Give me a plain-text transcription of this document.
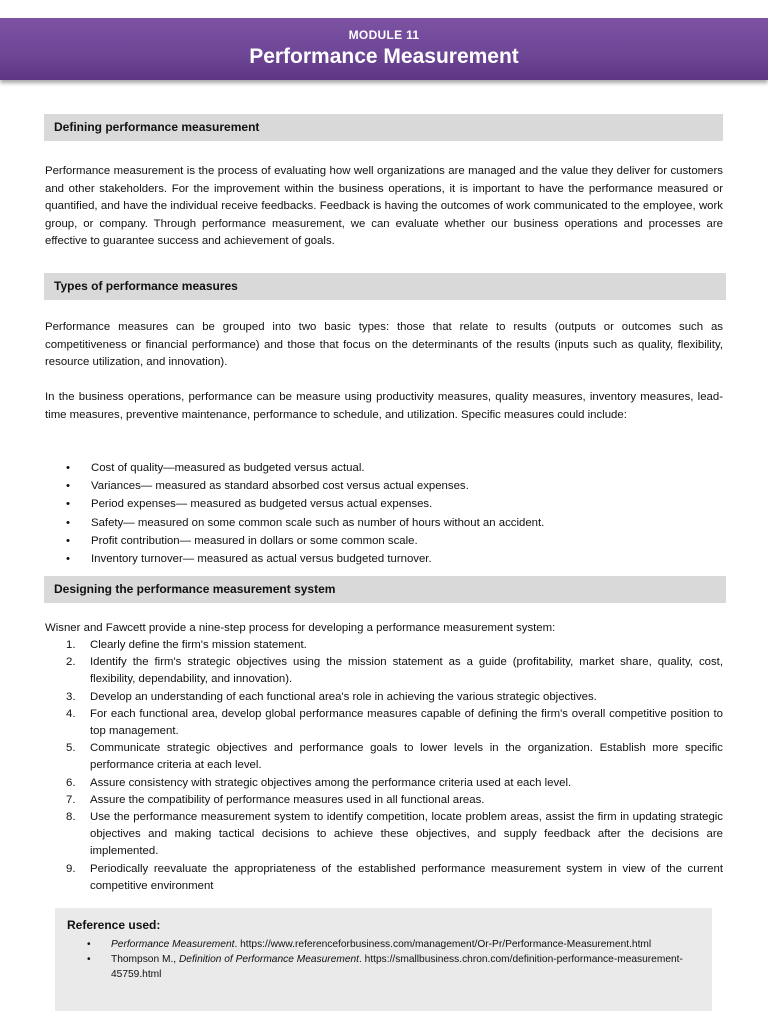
MODULE 11
Performance Measurement
Defining performance measurement

Performance measurement is the process of evaluating how well organizations are managed and the value they deliver for customers and other stakeholders. For the improvement within the business operations, it is important to have the performance measured or quantified, and have the individual receive feedbacks. Feedback is having the outcomes of work communicated to the employee, work group, or company. Through performance measurement, we can evaluate whether our business operations and processes are effective to guarantee success and achievement of goals.

Types of performance measures

Performance measures can be grouped into two basic types: those that relate to results (outputs or outcomes such as competitiveness or financial performance) and those that focus on the determinants of the results (inputs such as quality, flexibility, resource utilization, and innovation).

In the business operations, performance can be measure using productivity measures, quality measures, inventory measures, lead-time measures, preventive maintenance, performance to schedule, and utilization. Specific measures could include:

• Cost of quality—measured as budgeted versus actual.
• Variances— measured as standard absorbed cost versus actual expenses.
• Period expenses— measured as budgeted versus actual expenses.
• Safety— measured on some common scale such as number of hours without an accident.
• Profit contribution— measured in dollars or some common scale.
• Inventory turnover— measured as actual versus budgeted turnover.
Designing the performance measurement system

Wisner and Fawcett provide a nine-step process for developing a performance measurement system:

1. Clearly define the firm's mission statement.
2. Identify the firm's strategic objectives using the mission statement as a guide (profitability, market share, quality, cost, flexibility, dependability, and innovation).
3. Develop an understanding of each functional area's role in achieving the various strategic objectives.
4. For each functional area, develop global performance measures capable of defining the firm's overall competitive position to top management.
5. Communicate strategic objectives and performance goals to lower levels in the organization. Establish more specific performance criteria at each level.
6. Assure consistency with strategic objectives among the performance criteria used at each level.
7. Assure the compatibility of performance measures used in all functional areas.
8. Use the performance measurement system to identify competition, locate problem areas, assist the firm in updating strategic objectives and making tactical decisions to achieve these objectives, and supply feedback after the decisions are implemented.
9. Periodically reevaluate the appropriateness of the established performance measurement system in view of the current competitive environment
Reference used:
• Performance Measurement. https://www.referenceforbusiness.com/management/Or-Pr/Performance-Measurement.html
• Thompson M., Definition of Performance Measurement. https://smallbusiness.chron.com/definition-performance-measurement-45759.html
